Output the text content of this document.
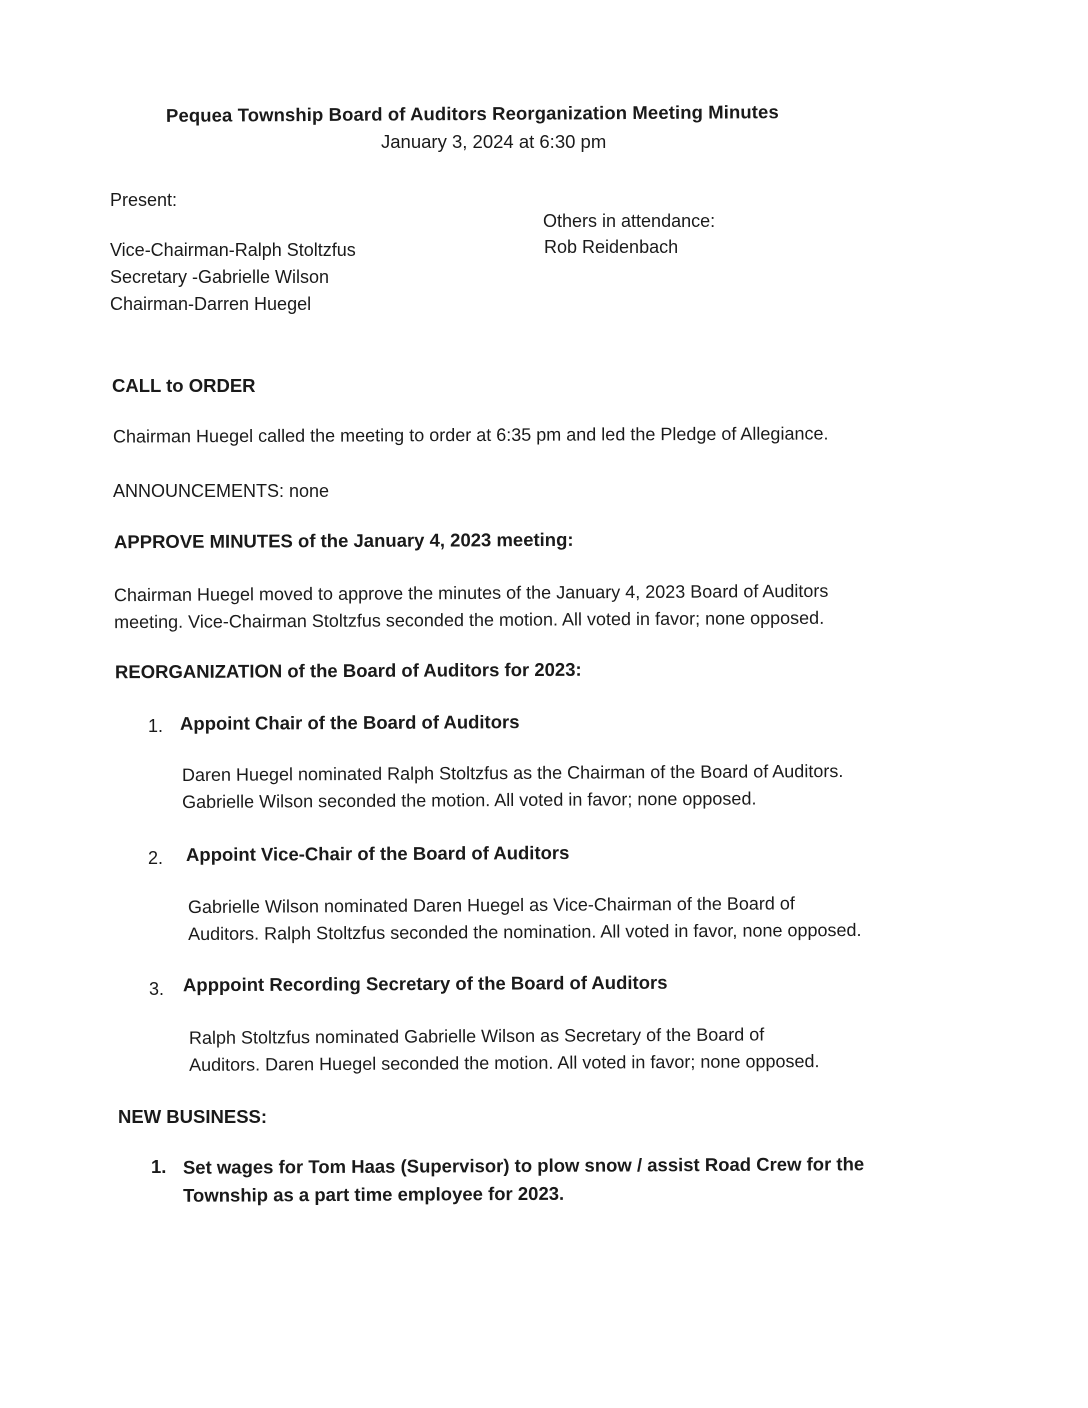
Pequea Township Board of Auditors Reorganization Meeting Minutes
January 3, 2024 at 6:30 pm
Present:
Vice-Chairman-Ralph Stoltzfus
Secretary -Gabrielle Wilson
Chairman-Darren Huegel
Others in attendance:
Rob Reidenbach
CALL to ORDER
Chairman Huegel called the meeting to order at 6:35 pm and led the Pledge of Allegiance.
ANNOUNCEMENTS: none
APPROVE MINUTES of the January 4, 2023 meeting:
Chairman Huegel moved to approve the minutes of the January 4, 2023 Board of Auditors
meeting. Vice-Chairman Stoltzfus seconded the motion. All voted in favor; none opposed.
REORGANIZATION of the Board of Auditors for 2023:
1. Appoint Chair of the Board of Auditors
Daren Huegel nominated Ralph Stoltzfus as the Chairman of the Board of Auditors.
Gabrielle Wilson seconded the motion. All voted in favor; none opposed.
2. Appoint Vice-Chair of the Board of Auditors
Gabrielle Wilson nominated Daren Huegel as Vice-Chairman of the Board of
Auditors. Ralph Stoltzfus seconded the nomination. All voted in favor, none opposed.
3. Apppoint Recording Secretary of the Board of Auditors
Ralph Stoltzfus nominated Gabrielle Wilson as Secretary of the Board of
Auditors. Daren Huegel seconded the motion. All voted in favor; none opposed.
NEW BUSINESS:
1. Set wages for Tom Haas (Supervisor) to plow snow / assist Road Crew for the
Township as a part time employee for 2023.
